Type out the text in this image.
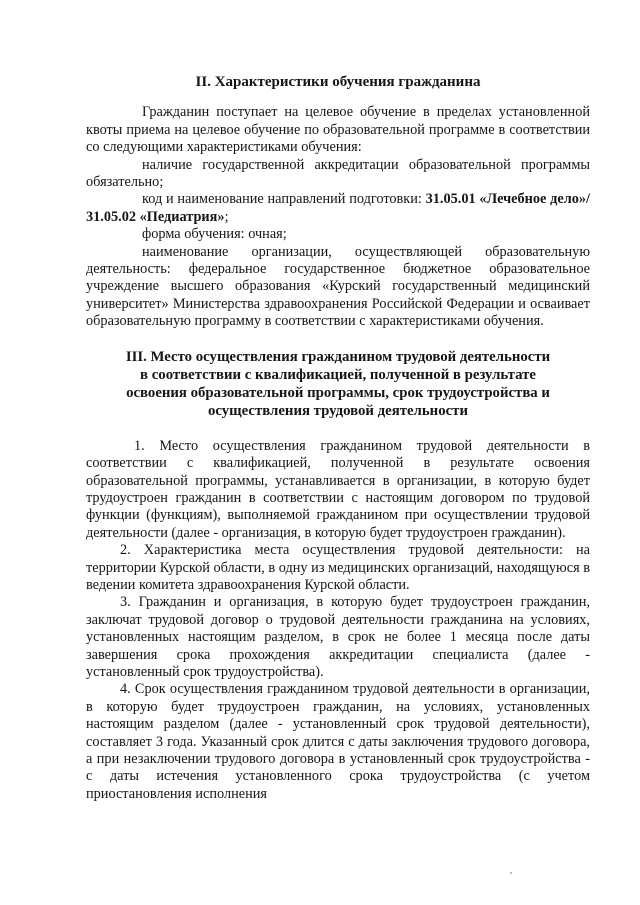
II. Характеристики обучения гражданина

Гражданин поступает на целевое обучение в пределах установленной квоты приема на целевое обучение по образовательной программе в соответствии со следующими характеристиками обучения:

наличие государственной аккредитации образовательной программы обязательно;

код и наименование направлений подготовки: 31.05.01 «Лечебное дело»/ 31.05.02 «Педиатрия»;

форма обучения: очная;

наименование организации, осуществляющей образовательную деятельность: федеральное государственное бюджетное образовательное учреждение высшего образования «Курский государственный медицинский университет» Министерства здравоохранения Российской Федерации и осваивает образовательную программу в соответствии с характеристиками обучения.

III. Место осуществления гражданином трудовой деятельности
в соответствии с квалификацией, полученной в результате
освоения образовательной программы, срок трудоустройства и
осуществления трудовой деятельности

1. Место осуществления гражданином трудовой деятельности в соответствии с квалификацией, полученной в результате освоения образовательной программы, устанавливается в организации, в которую будет трудоустроен гражданин в соответствии с настоящим договором по трудовой функции (функциям), выполняемой гражданином при осуществлении трудовой деятельности (далее - организация, в которую будет трудоустроен гражданин).

2. Характеристика места осуществления трудовой деятельности: на территории Курской области, в одну из медицинских организаций, находящуюся в ведении комитета здравоохранения Курской области.

3. Гражданин и организация, в которую будет трудоустроен гражданин, заключат трудовой договор о трудовой деятельности гражданина на условиях, установленных настоящим разделом, в срок не более 1 месяца после даты завершения срока прохождения аккредитации специалиста (далее - установленный срок трудоустройства).

4. Срок осуществления гражданином трудовой деятельности в организации, в которую будет трудоустроен гражданин, на условиях, установленных настоящим разделом (далее - установленный срок трудовой деятельности), составляет 3 года. Указанный срок длится с даты заключения трудового договора, а при незаключении трудового договора в установленный срок трудоустройства - с даты истечения установленного срока трудоустройства (с учетом приостановления исполнения
